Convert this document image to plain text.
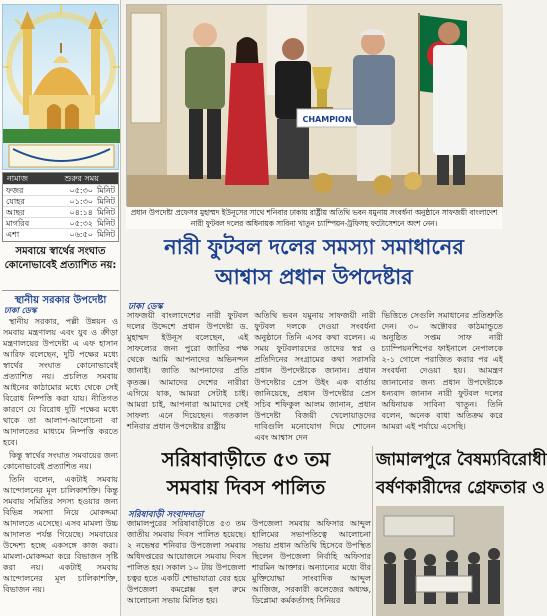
নামাজ	শুরুর সময়
ফজর	০৫:৩০ মিনিট
যোহর	০১:৩০ মিনিট
আছর	০৪:১৪ মিনিট
মাগরিব	০৫:৩২ মিনিট
এশা	০৬:৫০ মিনিট
সমবায়ে স্বার্থের সংঘাত কোনোভাবেই প্রত্যাশিত নয়:
স্থানীয় সরকার উপদেষ্টা
ঢাকা ডেস্ক

স্থানীয় সরকার, পল্লী উন্নয়ন ও সমবায় মন্ত্রণালয় এবং যুব ও ক্রীড়া মন্ত্রণালয়ের উপদেষ্টা এ এফ হাসান আরিফ বলেছেন, দুটি পক্ষের মধ্যে স্বার্থের সংঘাত কোনোভাবেই প্রত্যাশিত নয়। প্রচলিত সমবায় আইনের কাঠামোর মধ্যে থেকে সেই বিরোধ নিষ্পত্তি করা যায়। নীতিগত কারণে যে বিরোধ দুটি পক্ষের মধ্যে থাকে তা আলাপ-আলোচনা বা আদালতের মাধ্যমে নিষ্পত্তি করতে হবে।

কিন্তু স্বার্থের সংঘাত সমবায়ের জন্য কোনোভাবেই প্রত্যাশিত নয়।

তিনি বলেন, একটাই সমবায় আন্দোলনের মূল চালিকাশক্তি। কিন্তু সমবায় সমিতির সদস্য হওয়ার জন্য বিভিন্ন সমস্যা নিয়ে মোকদ্দমা আদালতে এসেছে। এসব মামলা উচ্চ আদালত পর্যন্ত গিয়েছে। সমবায়ের উদ্দেশ্য হচ্ছে একসঙ্গে কাজ করা। মামলা-মোকদ্দমা করে বিভাজন সৃষ্টি করা নয়। একটাই সমবায় আন্দোলনের মূল চালিকাশক্তি, বিভাজন নয়।

CHAMPION
প্রধান উপদেষ্টা প্রফেসর মুহাম্মদ ইউনূসের সাথে শনিবার ঢাকায় রাষ্ট্রীয় অতিথি ভবন যমুনায় সংবর্ধনা অনুষ্ঠানে সাফজয়ী বাংলাদেশ নারী ফুটবল দলের অধিনায়ক সাবিনা খাতুন চ্যাম্পিয়ন-ট্রফিসহ ফটোসেশনে অংশ নেন।
নারী ফুটবল দলের সমস্যা সমাধানের
আশ্বাস প্রধান উপদেষ্টার
ঢাকা ডেস্ক
সাফজয়ী বাংলাদেশের নারী ফুটবল দলের উদ্দেশে প্রধান উপদেষ্টা ড. মুহাম্মদ ইউনূস বলেছেন, এই সাফল্যের জন্য পুরো জাতির পক্ষ থেকে আমি আপনাদের অভিনন্দন জানাই। জাতি আপনাদের প্রতি কৃতজ্ঞ। আমাদের দেশের নারীরা এগিয়ে যাক, আমরা সেটাই চাই। আমরা চাই, আপনারা আমাদের সেই সাফল্য এনে দিয়েছেন। গতকাল শনিবার প্রধান উপদেষ্টার রাষ্ট্রীয়
অতিথি ভবন যমুনায় সাফজয়ী নারী ফুটবল দলকে দেওয়া সংবর্ধনা অনুষ্ঠানে তিনি এসব কথা বলেন। এ সময় ফুটবলারদের তাদের স্বপ্ন ও প্রতিদিনের সংগ্রামের কথা সরাসরি প্রধান উপদেষ্টাকে জানান। প্রধান উপদেষ্টার প্রেস উইং এক বার্তায় জানিয়েছে, প্রধান উপদেষ্টার প্রেস সচিব শফিকুল আলম জানান, প্রধান উপদেষ্টা বিজয়ী খেলোয়াড়দের দাবিগুলি মনোযোগ দিয়ে শোনেন এবং আশ্বাস দেন
ভিত্তিতে সেগুলি সমাধানের প্রতিশ্রুতি দেন। ৩০ অক্টোবর কাঠমান্ডুতে অনুষ্ঠিত সপ্তম সাফ নারী চ্যাম্পিয়নশিপের ফাইনালে নেপালকে ২-১ গোলে পরাজিত করার পর এই সংবর্ধনা দেওয়া হয়। আমন্ত্রণ জানানোর জন্য প্রধান উপদেষ্টাকে ধন্যবাদ জানান নারী ফুটবল দলের অধিনায়ক সাবিনা খাতুন। তিনি বলেন, অনেক বাধা অতিক্রম করে আমরা এই পর্যায়ে এসেছি।
সরিষাবাড়ীতে ৫৩ তম
সমবায় দিবস পালিত
সরিষাবাড়ী সংবাদদাতা
জামালপুরের সরিষাবাড়ীতে ৫৩ তম জাতীয় সমবায় দিবস পালিত হয়েছে। ২ নভেম্বর শনিবার উপজেলা সমবায় অধিদপ্তরের আয়োজনে সমবায় দিবস পালিত হয়। সকাল ১০ টায় উপজেলা চত্বর হতে একটি শোভাযাত্রা বের হয়ে উপজেলা কমপ্লেক্স হল রুমে আলোচনা সভায় মিলিত হয়।
উপজেলা সমবায় অফিসার আব্দুল হালিমের সভাপতিত্বে আলোচনা সভায় প্রধান অতিথি হিসেবে উপস্থিত ছিলেন উপজেলা নির্বাহি অফিসার শারমিন আক্তার। অন্যান্যের মধ্যে বীর মুক্তিযোদ্ধা সাংবাদিক আব্দুল আজিজ, সরকারী কলেজের অধ্যক্ষ, ডিপ্লোমা কর্মকর্তাসহ সিনিয়র
জামালপুরে বৈষম্যবিরোধী
বর্ষণকারীদের গ্রেফতার ও
